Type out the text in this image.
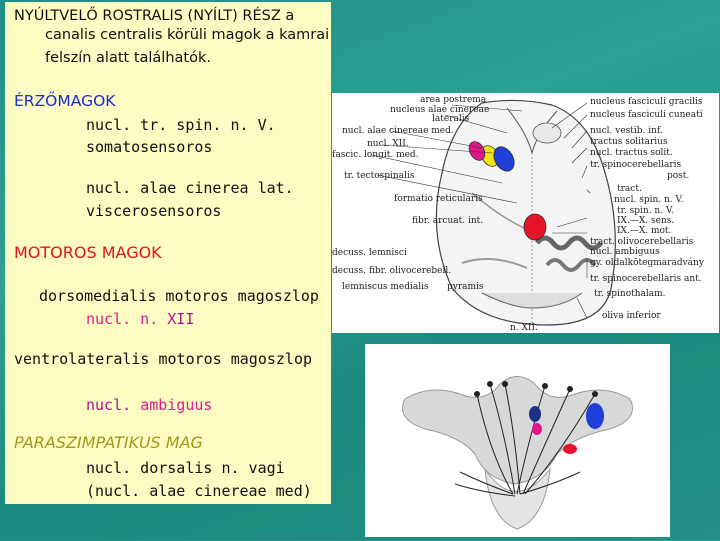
NYÚLTVELŐ ROSTRALIS (NYÍLT) RÉSZ a
canalis centralis körüli magok a kamrai
felszín alatt találhatók.
ÉRZŐMAGOK
nucl. tr. spin. n. V.
somatosensoros
nucl. alae cinerea lat.
viscerosensoros
MOTOROS MAGOK
dorsomedialis motoros magoszlop
nucl. n. XII
ventrolateralis motoros magoszlop
nucl. ambiguus
PARASZIMPATIKUS MAG
nucl. dorsalis n. vagi
(nucl. alae cinereae med)
area postrema
nucleus alae cinereae
lateralis
nucl. alae cinereae med.
nucl. XII.
fascic. longit. med.
tr. tectospinalis
formatio reticularis
fibr. arcuat. int.
decuss. lemnisci
decuss. fibr. olivocerebell.
lemniscus medialis pyramis
n. XII.
nucleus fasciculi gracilis
nucleus fasciculi cuneati
nucl. vestib. inf.
tractus solitarius
nucl. tractus solit.
tr. spinocerebellaris
post.
tract.
nucl. spin. n. V.
tr. spin. n. V.
IX.—X. sens.
IX.—X. mot.
tract. olivocerebellaris
nucl. ambiguus
gy. oldalkötegmaradvány
tr. spinocerebellaris ant.
tr. spinothalam.
oliva inferior
